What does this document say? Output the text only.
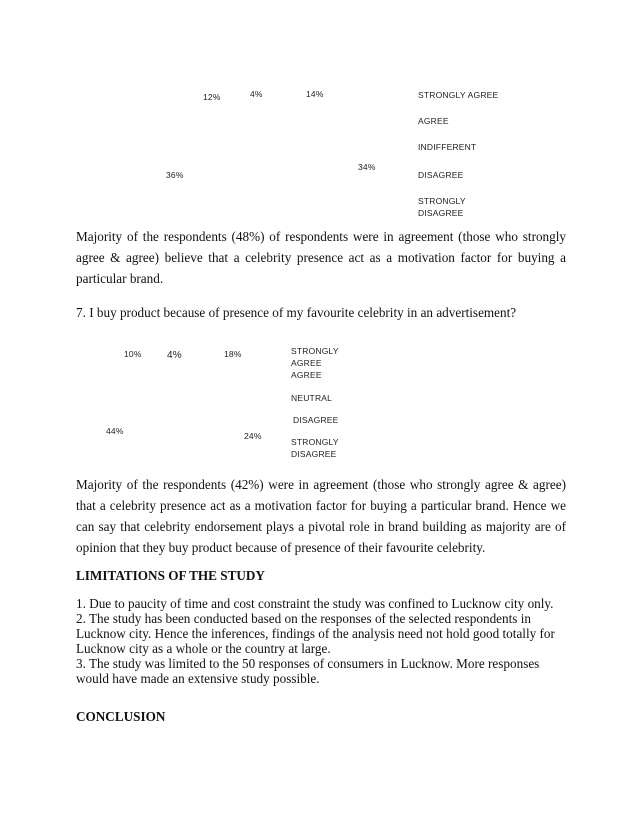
12%	4%	14%
34%
36%
STRONGLY AGREE
AGREE
INDIFFERENT
DISAGREE
STRONGLY DISAGREE

Majority of the respondents (48%) of respondents were in agreement (those who strongly agree & agree) believe that a celebrity presence act as a motivation factor for buying a particular brand.

7. I buy product because of presence of my favourite celebrity in an advertisement?

10%	4%	18%
24%
44%
STRONGLY AGREE
AGREE
NEUTRAL
DISAGREE
STRONGLY DISAGREE

Majority of the respondents (42%) were in agreement (those who strongly agree & agree) that a celebrity presence act as a motivation factor for buying a particular brand. Hence we can say that celebrity endorsement plays a pivotal role in brand building as majority are of opinion that they buy product because of presence of their favourite celebrity.

LIMITATIONS OF THE STUDY
1. Due to paucity of time and cost constraint the study was confined to Lucknow city only.
2. The study has been conducted based on the responses of the selected respondents in Lucknow city. Hence the inferences, findings of the analysis need not hold good totally for Lucknow city as a whole or the country at large.
3. The study was limited to the 50 responses of consumers in Lucknow. More responses would have made an extensive study possible.
CONCLUSION
